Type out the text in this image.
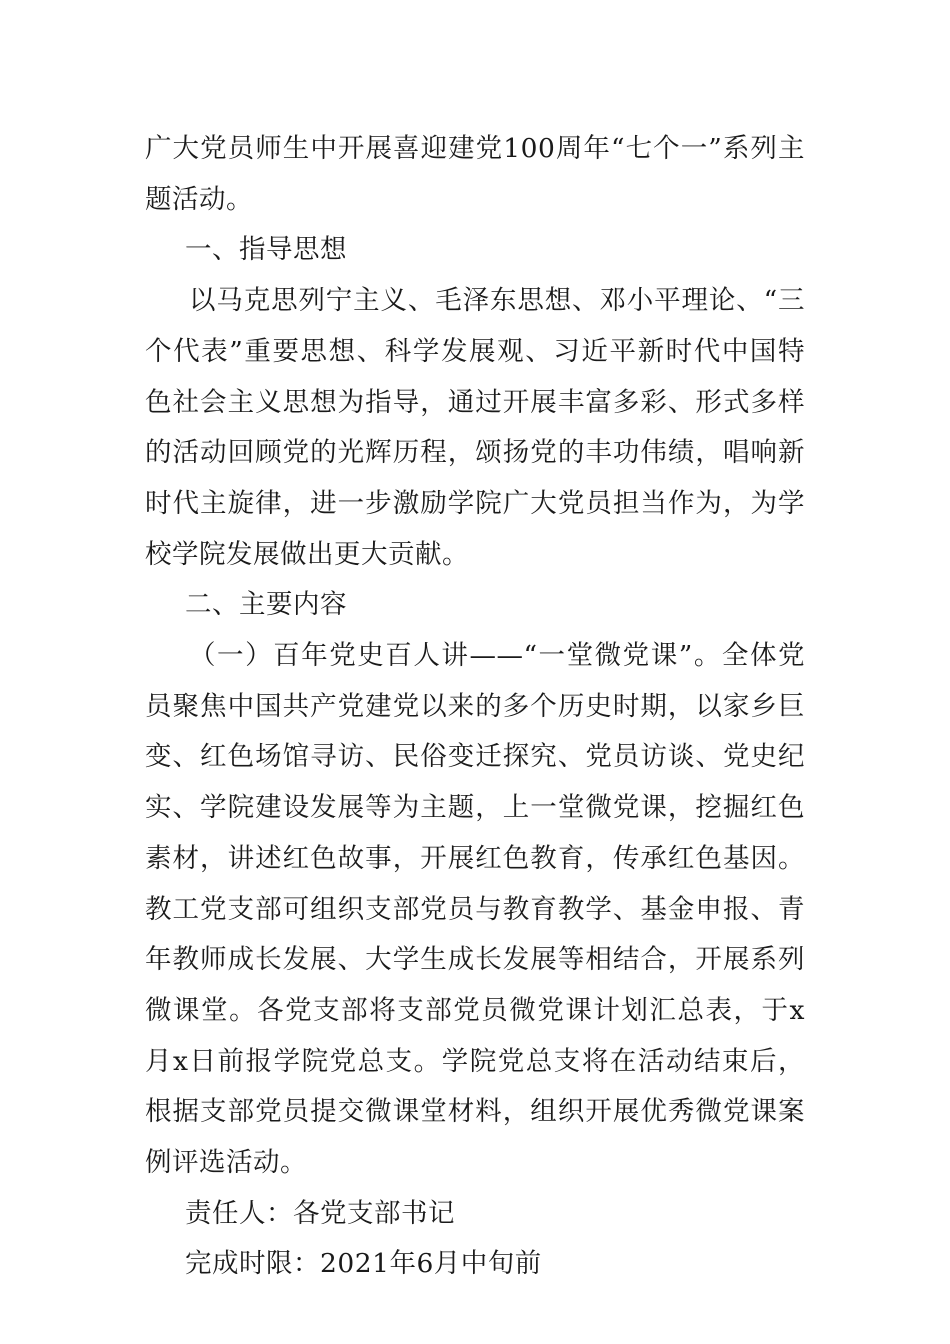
广大党员师生中开展喜迎建党100周年“七个一”系列主题活动。

一、指导思想

以马克思列宁主义、毛泽东思想、邓小平理论、“三个代表”重要思想、科学发展观、习近平新时代中国特色社会主义思想为指导，通过开展丰富多彩、形式多样的活动回顾党的光辉历程，颂扬党的丰功伟绩，唱响新时代主旋律，进一步激励学院广大党员担当作为，为学校学院发展做出更大贡献。

二、主要内容

（一）百年党史百人讲——“一堂微党课”。全体党员聚焦中国共产党建党以来的多个历史时期，以家乡巨变、红色场馆寻访、民俗变迁探究、党员访谈、党史纪实、学院建设发展等为主题，上一堂微党课，挖掘红色素材，讲述红色故事，开展红色教育，传承红色基因。教工党支部可组织支部党员与教育教学、基金申报、青年教师成长发展、大学生成长发展等相结合，开展系列微课堂。各党支部将支部党员微党课计划汇总表，于x月x日前报学院党总支。学院党总支将在活动结束后，根据支部党员提交微课堂材料，组织开展优秀微党课案例评选活动。

责任人：各党支部书记

完成时限：2021年6月中旬前
